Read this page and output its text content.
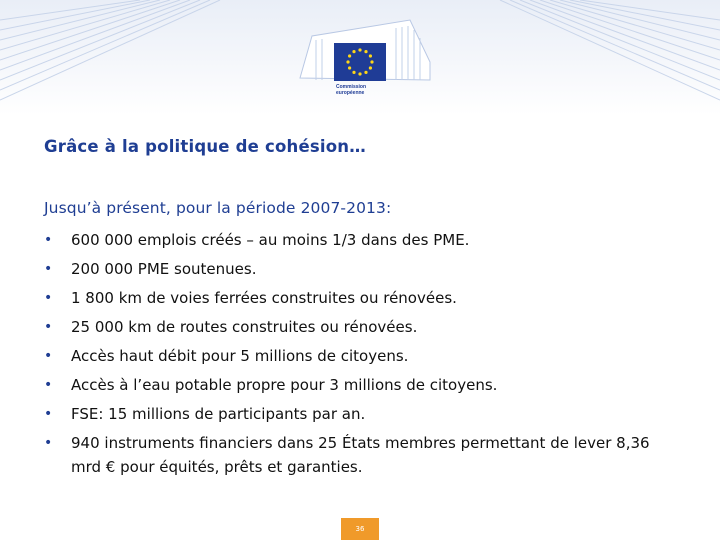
Commission
européenne
Grâce à la politique de cohésion…
Jusqu’à présent, pour la période 2007-2013:
• 600 000 emplois créés – au moins 1/3 dans des PME.
• 200 000 PME soutenues.
• 1 800 km de voies ferrées construites ou rénovées.
• 25 000 km de routes construites ou rénovées.
• Accès haut débit pour 5 millions de citoyens.
• Accès à l’eau potable propre pour 3 millions de citoyens.
• FSE: 15 millions de participants par an.
• 940 instruments financiers dans 25 États membres permettant de lever 8,36 mrd € pour équités, prêts et garanties.
36
